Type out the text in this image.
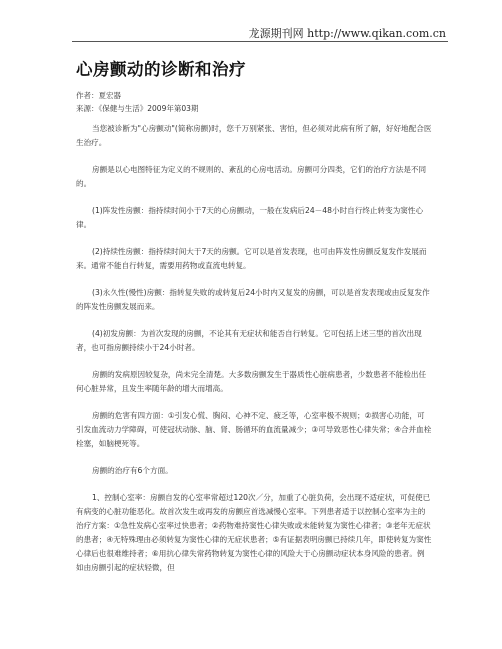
龙源期刊网 http://www.qikan.com.cn
心房颤动的诊断和治疗
作者：夏宏器
来源：《保健与生活》2009年第03期

当您被诊断为"心房颤动"(简称房颤)时，您千万别紧张、害怕，但必须对此病有所了解，好好地配合医生治疗。

房颤是以心电图特征为定义的不规则的、紊乱的心房电活动。房颤可分四类，它们的治疗方法是不同的。

(1)阵发性房颤：指持续时间小于7天的心房颤动，一般在发病后24－48小时自行终止转变为窦性心律。

(2)持续性房颤：指持续时间大于7天的房颤。它可以是首发表现，也可由阵发性房颤反复发作发展而来。通常不能自行转复，需要用药物或直流电转复。

(3)永久性(慢性)房颤：指转复失败的或转复后24小时内又复发的房颤，可以是首发表现或由反复发作的阵发性房颤发展而来。

(4)初发房颤：为首次发现的房颤，不论其有无症状和能否自行转复。它可包括上述三型的首次出现者，也可指房颤持续小于24小时者。

房颤的发病原因较复杂，尚未完全清楚。大多数房颤发生于器质性心脏病患者，少数患者不能检出任何心脏异常，且发生率随年龄的增大而增高。

房颤的危害有四方面：①引发心慌、胸闷、心神不定、疲乏等，心室率极不规则；②损害心功能，可引发血流动力学障碍，可使冠状动脉、脑、肾、肠循环的血流量减少；③可导致恶性心律失常；④合并血栓栓塞，如脑梗死等。

房颤的治疗有6个方面。

1、控制心室率：房颤自发的心室率常超过120次／分，加重了心脏负荷，会出现不适症状，可促使已有病变的心脏功能恶化。故首次发生或再发的房颤应首选减慢心室率。下列患者适于以控制心室率为主的治疗方案：①急性发病心室率过快患者；②药物难持窦性心律失败或未能转复为窦性心律者；③老年无症状的患者；④无特殊理由必须转复为窦性心律的无症状患者；⑤有证据表明房颤已持续几年，即使转复为窦性心律后也很难维持者；⑥用抗心律失常药物转复为窦性心律的风险大于心房颤动症状本身风险的患者。例如由房颤引起的症状轻微，但
